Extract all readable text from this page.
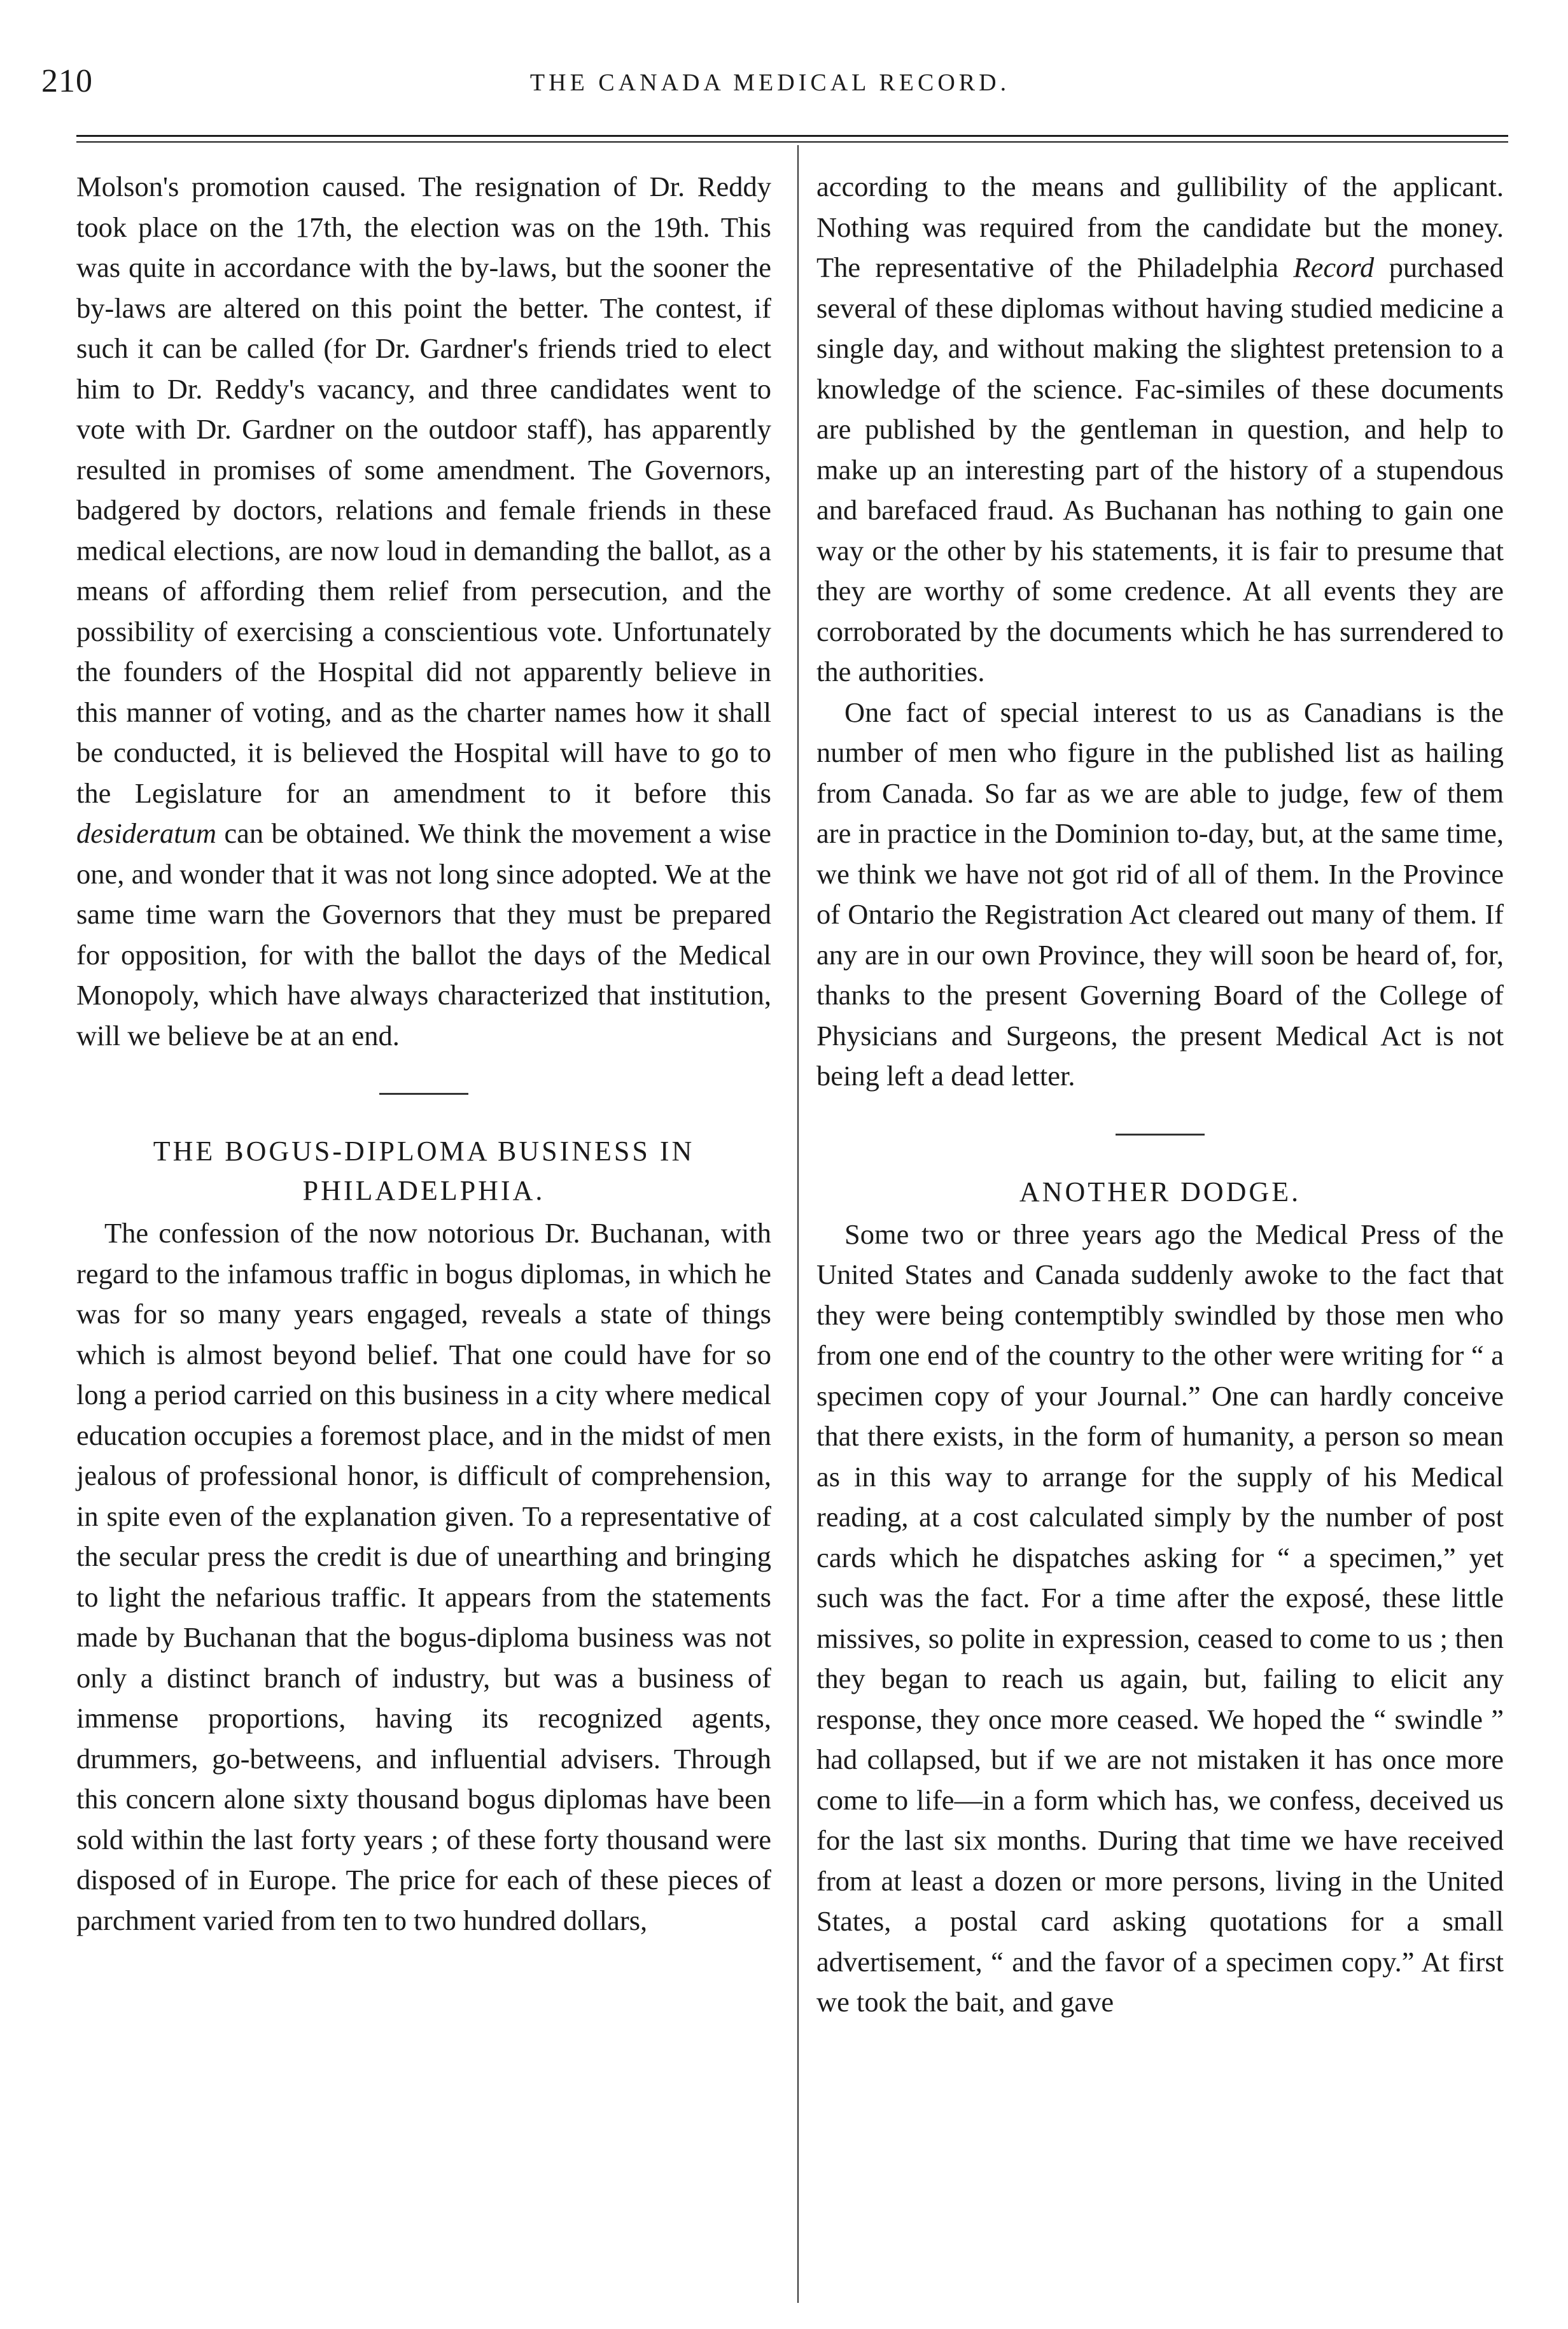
210	THE CANADA MEDICAL RECORD.

Molson's promotion caused. The resignation of Dr. Reddy took place on the 17th, the election was on the 19th. This was quite in accordance with the by-laws, but the sooner the by-laws are altered on this point the better. The contest, if such it can be called (for Dr. Gardner's friends tried to elect him to Dr. Reddy's vacancy, and three candidates went to vote with Dr. Gardner on the outdoor staff), has apparently resulted in promises of some amendment. The Governors, badgered by doctors, relations and female friends in these medical elections, are now loud in demanding the ballot, as a means of affording them relief from persecution, and the possibility of exercising a conscientious vote. Unfortunately the founders of the Hospital did not apparently believe in this manner of voting, and as the charter names how it shall be conducted, it is believed the Hospital will have to go to the Legislature for an amendment to it before this desideratum can be obtained. We think the movement a wise one, and wonder that it was not long since adopted. We at the same time warn the Governors that they must be prepared for opposition, for with the ballot the days of the Medical Monopoly, which have always characterized that institution, will we believe be at an end.

THE BOGUS-DIPLOMA BUSINESS IN
PHILADELPHIA.

The confession of the now notorious Dr. Buchanan, with regard to the infamous traffic in bogus diplomas, in which he was for so many years engaged, reveals a state of things which is almost beyond belief. That one could have for so long a period carried on this business in a city where medical education occupies a foremost place, and in the midst of men jealous of professional honor, is difficult of comprehension, in spite even of the explanation given. To a representative of the secular press the credit is due of unearthing and bringing to light the nefarious traffic. It appears from the statements made by Buchanan that the bogus-diploma business was not only a distinct branch of industry, but was a business of immense proportions, having its recognized agents, drummers, go-betweens, and influential advisers. Through this concern alone sixty thousand bogus diplomas have been sold within the last forty years ; of these forty thousand were disposed of in Europe. The price for each of these pieces of parchment varied from ten to two hundred dollars,

according to the means and gullibility of the applicant. Nothing was required from the candidate but the money. The representative of the Philadelphia Record purchased several of these diplomas without having studied medicine a single day, and without making the slightest pretension to a knowledge of the science. Fac-similes of these documents are published by the gentleman in question, and help to make up an interesting part of the history of a stupendous and barefaced fraud. As Buchanan has nothing to gain one way or the other by his statements, it is fair to presume that they are worthy of some credence. At all events they are corroborated by the documents which he has surrendered to the authorities.

One fact of special interest to us as Canadians is the number of men who figure in the published list as hailing from Canada. So far as we are able to judge, few of them are in practice in the Dominion to-day, but, at the same time, we think we have not got rid of all of them. In the Province of Ontario the Registration Act cleared out many of them. If any are in our own Province, they will soon be heard of, for, thanks to the present Governing Board of the College of Physicians and Surgeons, the present Medical Act is not being left a dead letter.

ANOTHER DODGE.

Some two or three years ago the Medical Press of the United States and Canada suddenly awoke to the fact that they were being contemptibly swindled by those men who from one end of the country to the other were writing for “ a specimen copy of your Journal.” One can hardly conceive that there exists, in the form of humanity, a person so mean as in this way to arrange for the supply of his Medical reading, at a cost calculated simply by the number of post cards which he dispatches asking for “ a specimen,” yet such was the fact. For a time after the exposé, these little missives, so polite in expression, ceased to come to us ; then they began to reach us again, but, failing to elicit any response, they once more ceased. We hoped the “ swindle ” had collapsed, but if we are not mistaken it has once more come to life—in a form which has, we confess, deceived us for the last six months. During that time we have received from at least a dozen or more persons, living in the United States, a postal card asking quotations for a small advertisement, “ and the favor of a specimen copy.” At first we took the bait, and gave
